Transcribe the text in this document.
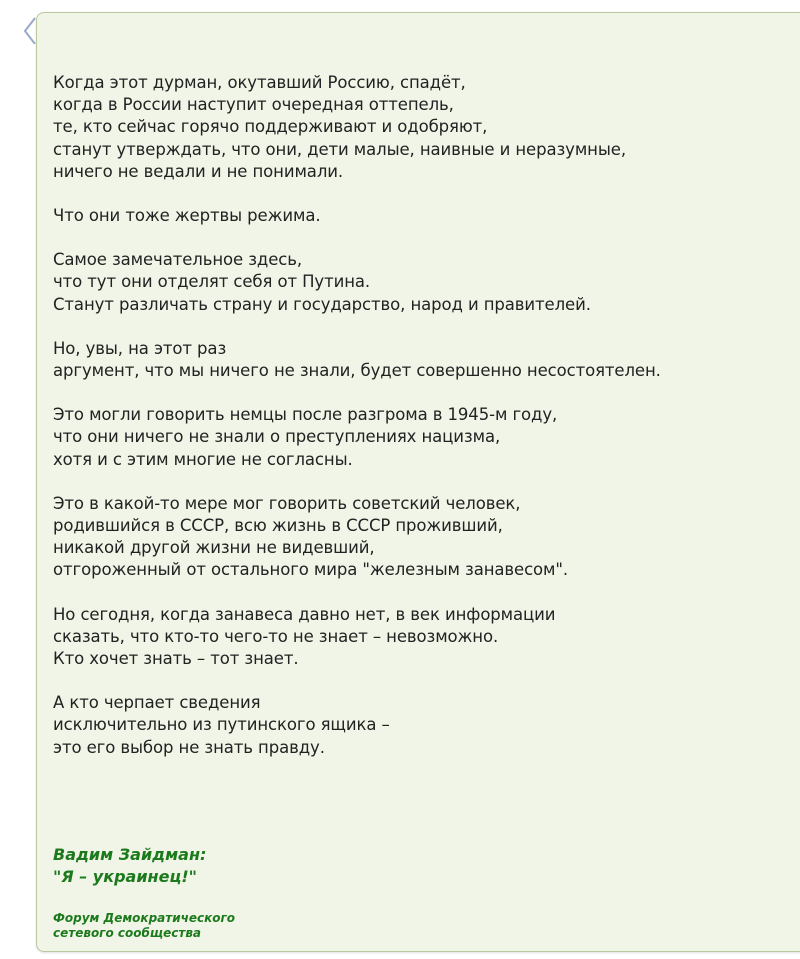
Когда этот дурман, окутавший Россию, спадёт,
когда в России наступит очередная оттепель,
те, кто сейчас горячо поддерживают и одобряют,
станут утверждать, что они, дети малые, наивные и неразумные,
ничего не ведали и не понимали.
Что они тоже жертвы режима.
Самое замечательное здесь,
что тут они отделят себя от Путина.
Станут различать страну и государство, народ и правителей.
Но, увы, на этот раз
аргумент, что мы ничего не знали, будет совершенно несостоятелен.
Это могли говорить немцы после разгрома в 1945-м году,
что они ничего не знали о преступлениях нацизма,
хотя и с этим многие не согласны.
Это в какой-то мере мог говорить советский человек,
родившийся в СССР, всю жизнь в СССР проживший,
никакой другой жизни не видевший,
отгороженный от остального мира "железным занавесом".
Но сегодня, когда занавеса давно нет, в век информации
сказать, что кто-то чего-то не знает – невозможно.
Кто хочет знать – тот знает.
А кто черпает сведения
исключительно из путинского ящика –
это его выбор не знать правду.
Вадим Зайдман:
"Я – украинец!"
Форум Демократического
сетевого сообщества
